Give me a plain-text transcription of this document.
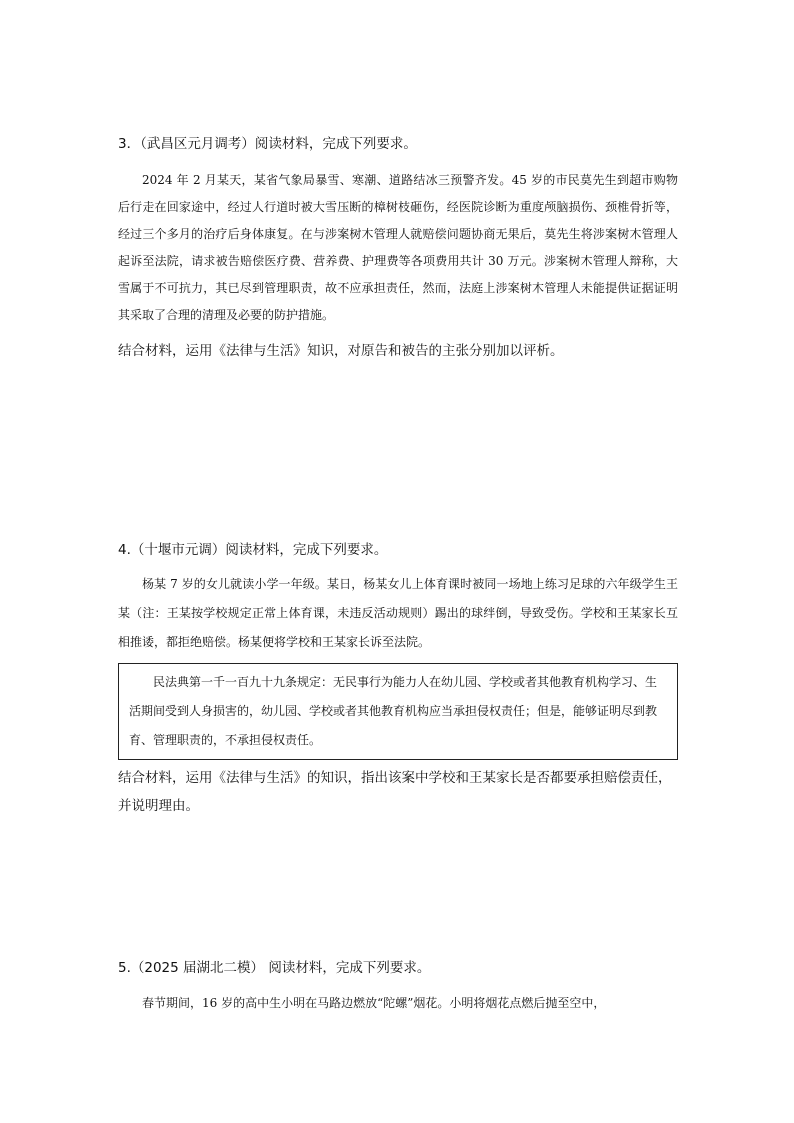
3．（武昌区元月调考）阅读材料，完成下列要求。

2024 年 2 月某天，某省气象局暴雪、寒潮、道路结冰三预警齐发。45 岁的市民莫先生到超市购物后行走在回家途中，经过人行道时被大雪压断的樟树枝砸伤，经医院诊断为重度颅脑损伤、颈椎骨折等，经过三个多月的治疗后身体康复。在与涉案树木管理人就赔偿问题协商无果后，莫先生将涉案树木管理人起诉至法院，请求被告赔偿医疗费、营养费、护理费等各项费用共计 30 万元。涉案树木管理人辩称，大雪属于不可抗力，其已尽到管理职责，故不应承担责任，然而，法庭上涉案树木管理人未能提供证据证明其采取了合理的清理及必要的防护措施。

结合材料，运用《法律与生活》知识，对原告和被告的主张分别加以评析。

4.（十堰市元调）阅读材料，完成下列要求。

杨某 7 岁的女儿就读小学一年级。某日，杨某女儿上体育课时被同一场地上练习足球的六年级学生王某（注：王某按学校规定正常上体育课，未违反活动规则）踢出的球绊倒，导致受伤。学校和王某家长互相推诿，都拒绝赔偿。杨某便将学校和王某家长诉至法院。

民法典第一千一百九十九条规定：无民事行为能力人在幼儿园、学校或者其他教育机构学习、生活期间受到人身损害的，幼儿园、学校或者其他教育机构应当承担侵权责任；但是，能够证明尽到教育、管理职责的，不承担侵权责任。

结合材料，运用《法律与生活》的知识，指出该案中学校和王某家长是否都要承担赔偿责任，并说明理由。

5.（2025 届湖北二模） 阅读材料，完成下列要求。

春节期间，16 岁的高中生小明在马路边燃放“陀螺”烟花。小明将烟花点燃后抛至空中，
